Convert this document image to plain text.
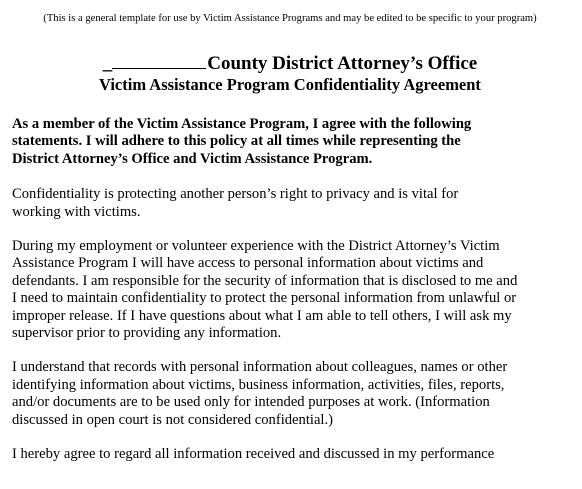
(This is a general template for use by Victim Assistance Programs and may be edited to be specific to your program)
_	County District Attorney’s Office
Victim Assistance Program Confidentiality Agreement

As a member of the Victim Assistance Program, I agree with the following
statements. I will adhere to this policy at all times while representing the
District Attorney’s Office and Victim Assistance Program.

Confidentiality is protecting another person’s right to privacy and is vital for
working with victims.

During my employment or volunteer experience with the District Attorney’s Victim
Assistance Program I will have access to personal information about victims and
defendants. I am responsible for the security of information that is disclosed to me and
I need to maintain confidentiality to protect the personal information from unlawful or
improper release. If I have questions about what I am able to tell others, I will ask my
supervisor prior to providing any information.

I understand that records with personal information about colleagues, names or other
identifying information about victims, business information, activities, files, reports,
and/or documents are to be used only for intended purposes at work. (Information
discussed in open court is not considered confidential.)

I hereby agree to regard all information received and discussed in my performance
